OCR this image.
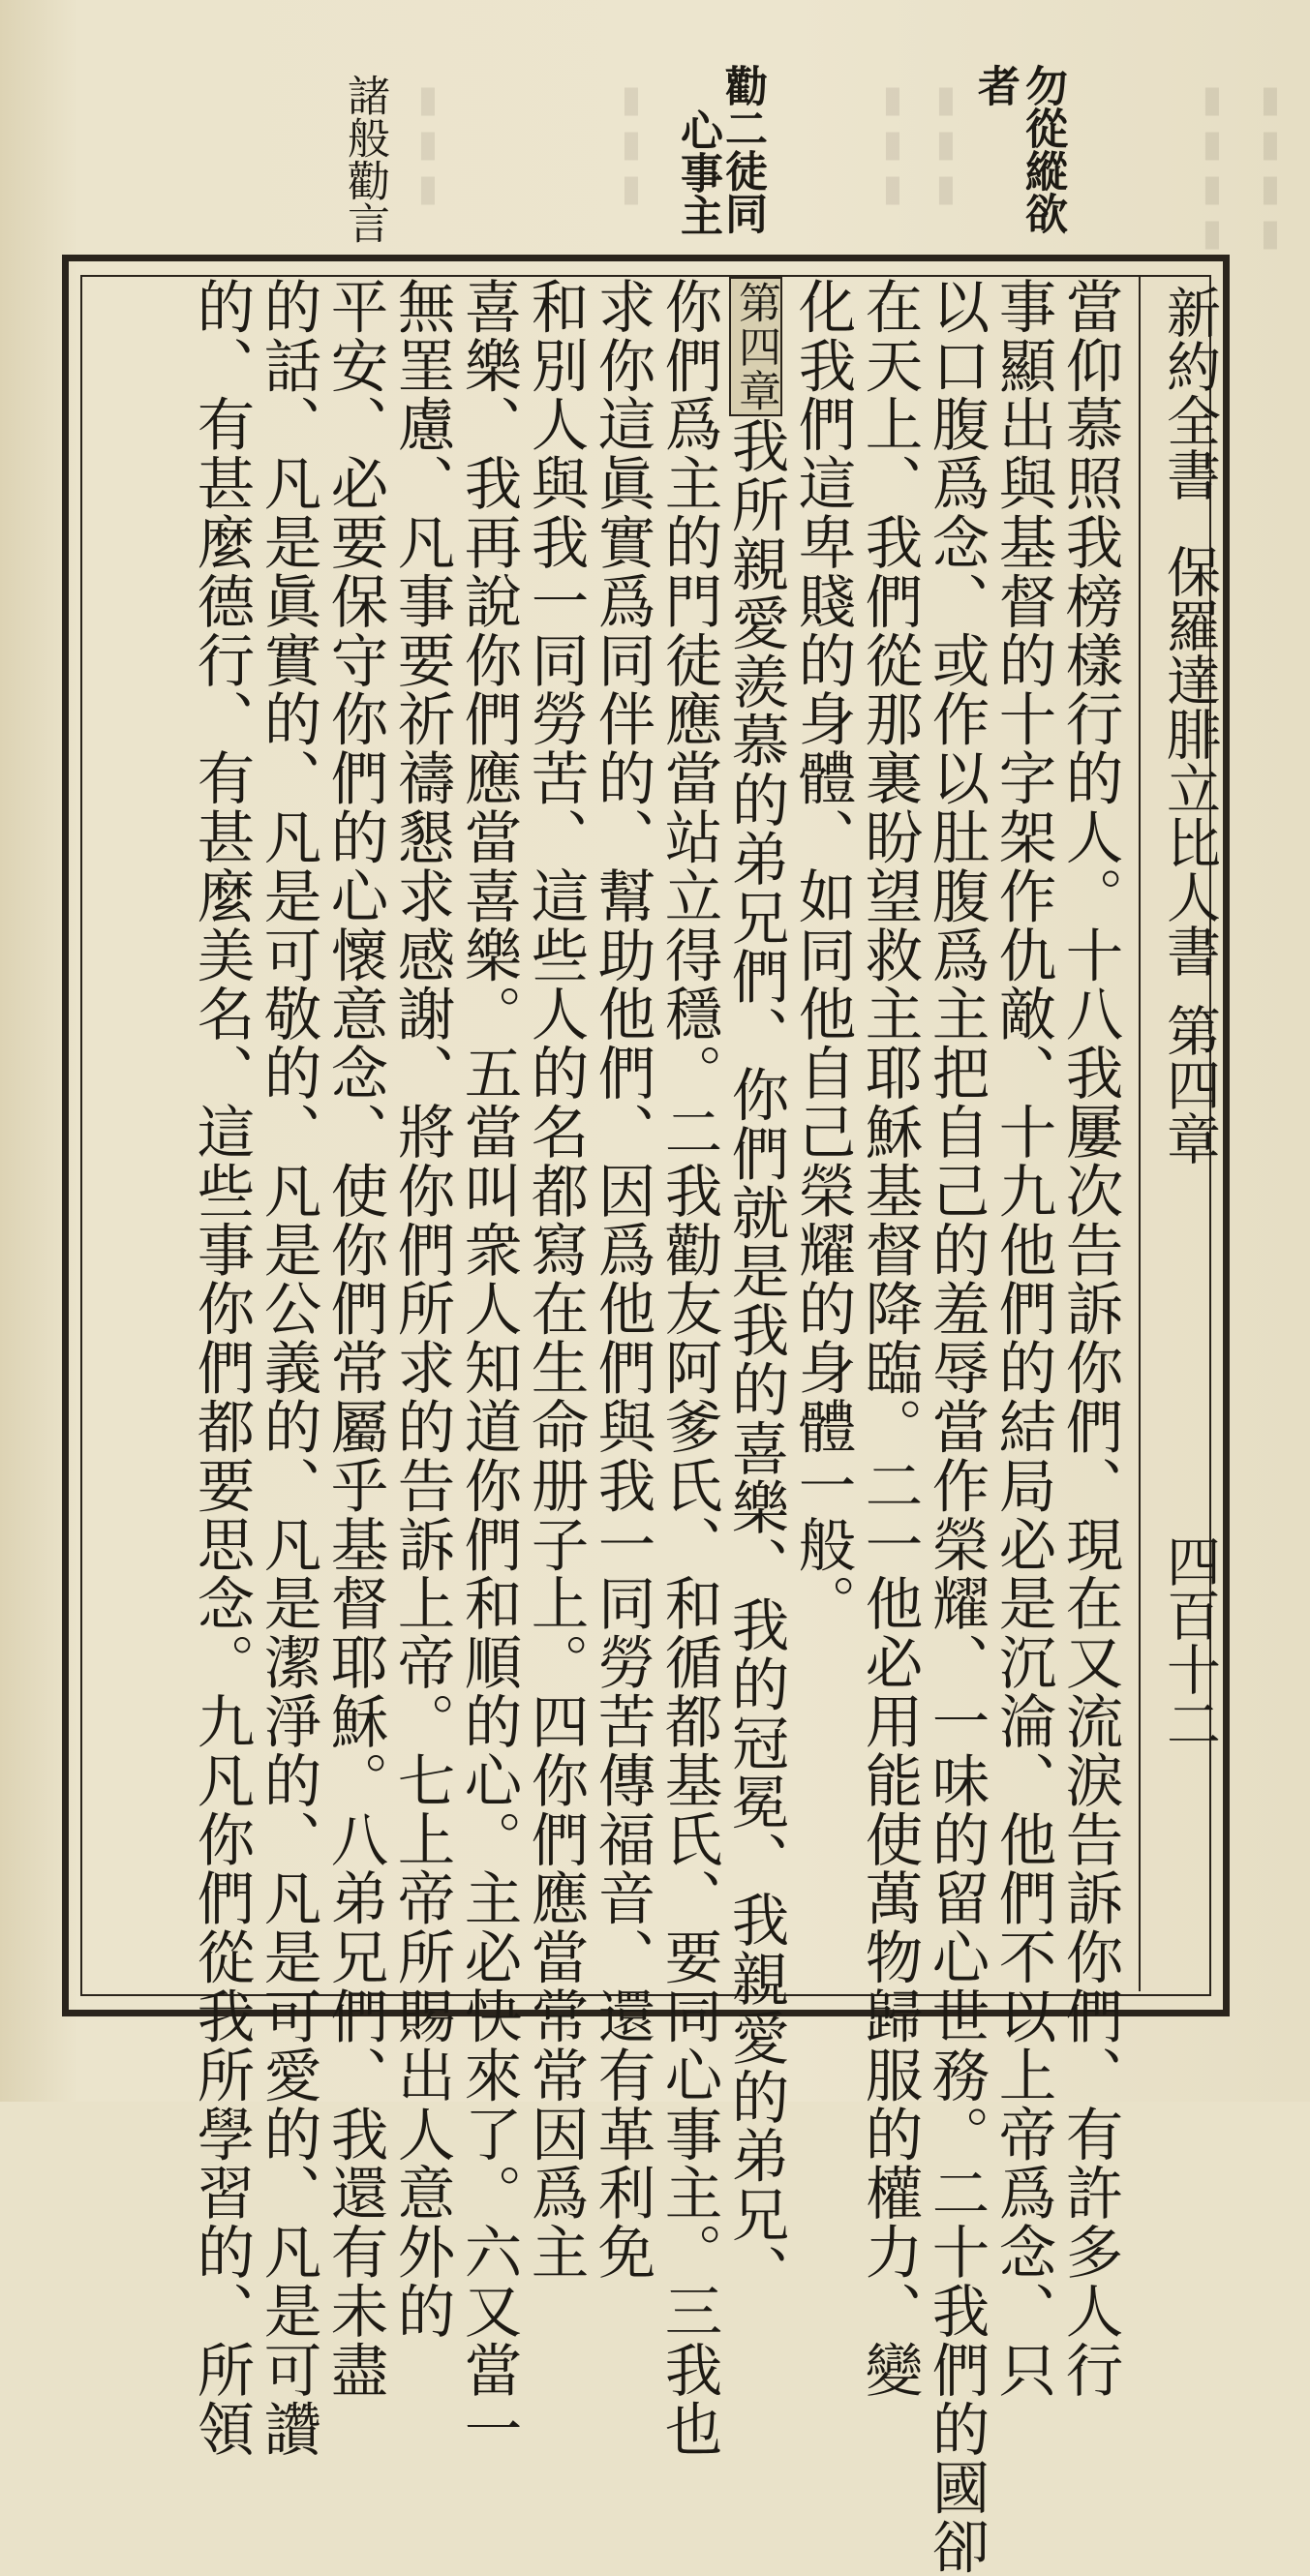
▮▮▮▮
▮▮▮▮
▮▮▮
▮▮▮
▮▮▮
▮▮▮	勿從縱欲
者
勸二徒同
心事主
諸般勸言
新約全書保羅達腓立比人書第四章
四百十二
當仰慕照我榜樣行的人。十八我屢次告訴你們、現在又流淚告訴你們、有許多人行
事顯出與基督的十字架作仇敵、十九他們的結局必是沉淪、他們不以上帝爲念、只
以口腹爲念、或作以肚腹爲主把自己的羞辱當作榮耀、一味的留心世務。二十我們的國卻
在天上、我們從那裏盼望救主耶穌基督降臨。二一他必用能使萬物歸服的權力、變
化我們這卑賤的身體、如同他自己榮耀的身體一般。
第四章我所親愛羨慕的弟兄們、你們就是我的喜樂、我的冠冕、我親愛的弟兄、
你們爲主的門徒應當站立得穩。二我勸友阿爹氏、和循都基氏、要同心事主。三我也
求你這眞實爲同伴的、幫助他們、因爲他們與我一同勞苦傳福音、還有革利免
和別人與我一同勞苦、這些人的名都寫在生命册子上。四你們應當常常因爲主
喜樂、我再說你們應當喜樂。五當叫衆人知道你們和順的心。主必快來了。六又當一
無罣慮、凡事要祈禱懇求感謝、將你們所求的告訴上帝。七上帝所賜出人意外的
平安、必要保守你們的心懷意念、使你們常屬乎基督耶穌。八弟兄們、我還有未盡
的話、凡是眞實的、凡是可敬的、凡是公義的、凡是潔淨的、凡是可愛的、凡是可讚
的、有甚麼德行、有甚麼美名、這些事你們都要思念。九凡你們從我所學習的、所領
